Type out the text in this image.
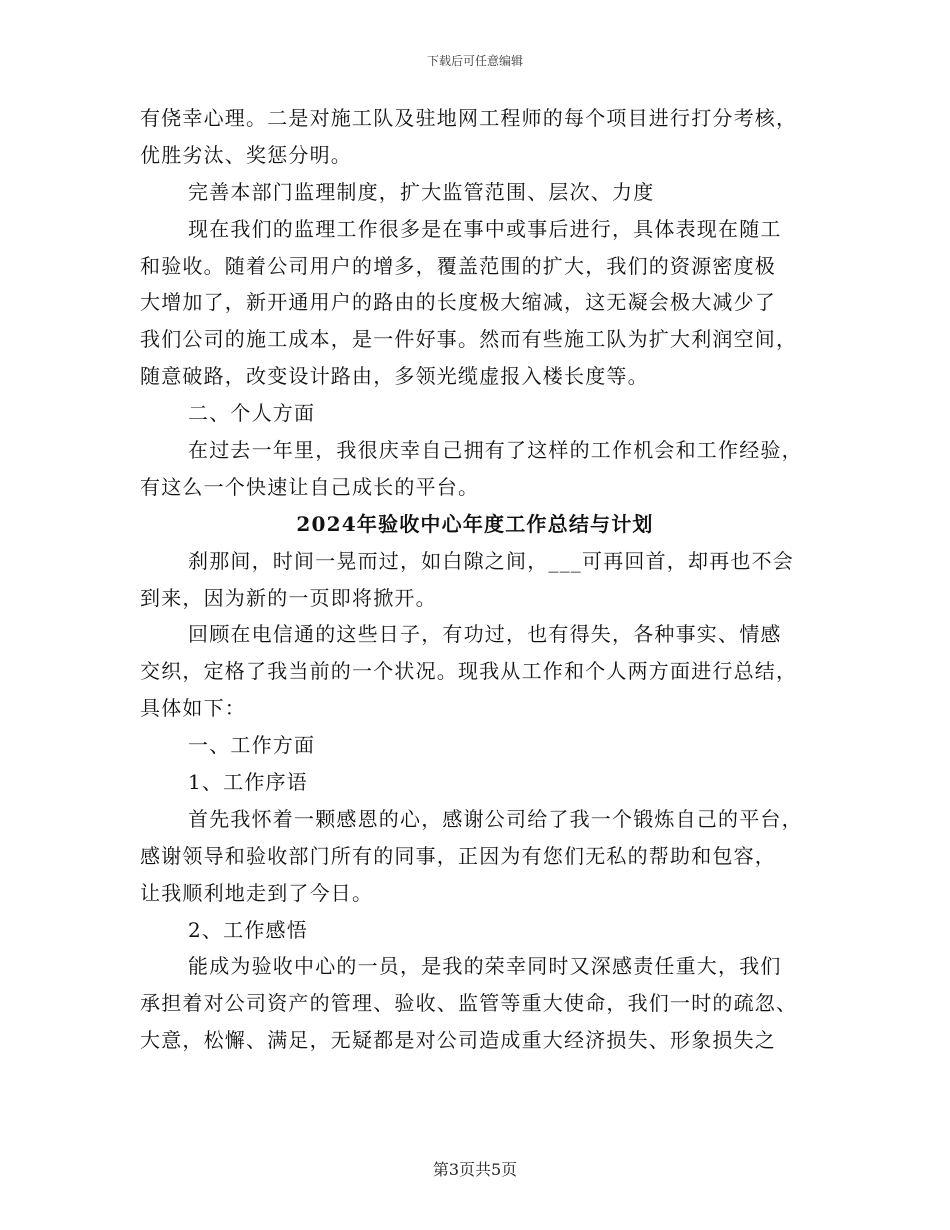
下载后可任意编辑
有侥幸心理。二是对施工队及驻地网工程师的每个项目进行打分考核，
优胜劣汰、奖惩分明。
完善本部门监理制度，扩大监管范围、层次、力度
现在我们的监理工作很多是在事中或事后进行，具体表现在随工
和验收。随着公司用户的增多，覆盖范围的扩大，我们的资源密度极
大增加了，新开通用户的路由的长度极大缩减，这无凝会极大减少了
我们公司的施工成本，是一件好事。然而有些施工队为扩大利润空间，
随意破路，改变设计路由，多领光缆虚报入楼长度等。
二、个人方面
在过去一年里，我很庆幸自己拥有了这样的工作机会和工作经验，
有这么一个快速让自己成长的平台。
2024年验收中心年度工作总结与计划
刹那间，时间一晃而过，如白隙之间，___可再回首，却再也不会
到来，因为新的一页即将掀开。
回顾在电信通的这些日子，有功过，也有得失，各种事实、情感
交织，定格了我当前的一个状况。现我从工作和个人两方面进行总结，
具体如下：
一、工作方面
1、工作序语
首先我怀着一颗感恩的心，感谢公司给了我一个锻炼自己的平台，
感谢领导和验收部门所有的同事，正因为有您们无私的帮助和包容，
让我顺利地走到了今日。
2、工作感悟
能成为验收中心的一员，是我的荣幸同时又深感责任重大，我们
承担着对公司资产的管理、验收、监管等重大使命，我们一时的疏忽、
大意，松懈、满足，无疑都是对公司造成重大经济损失、形象损失之
第3页共5页
